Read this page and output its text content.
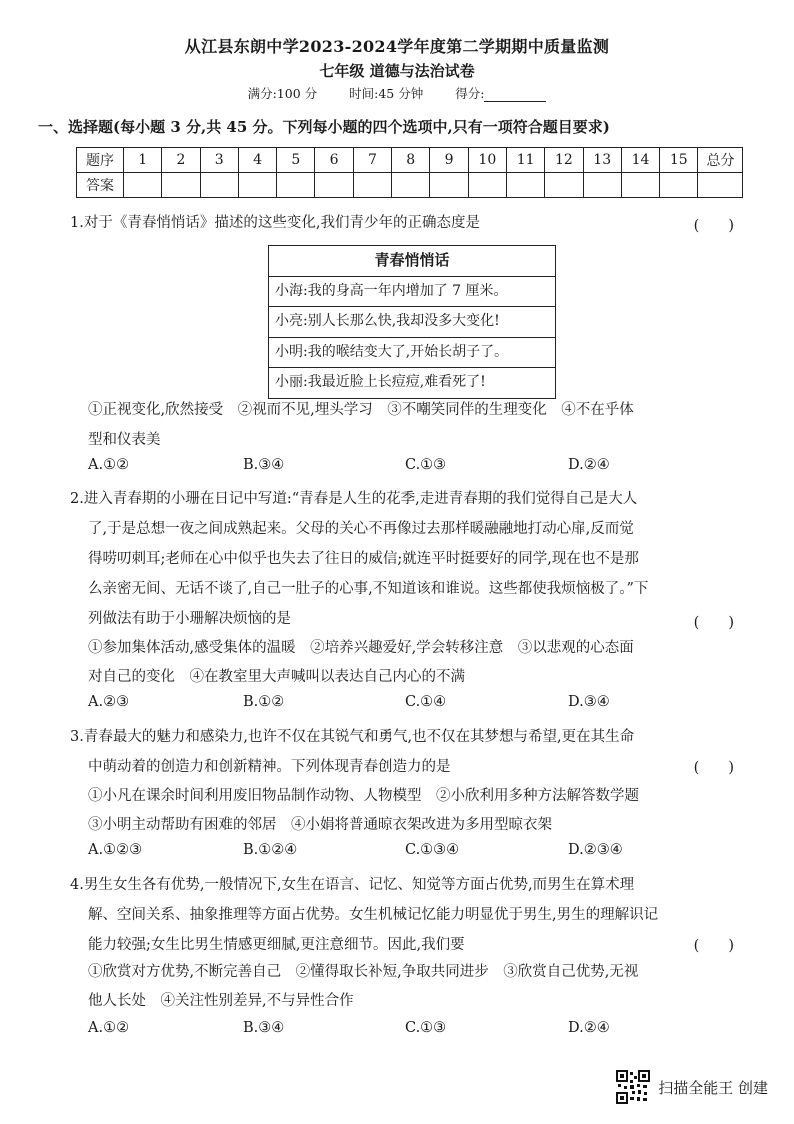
从江县东朗中学2023-2024学年度第二学期期中质量监测
七年级 道德与法治试卷
满分:100 分	时间:45 分钟	得分:
一、选择题(每小题 3 分,共 45 分。下列每小题的四个选项中,只有一项符合题目要求)
题序	1	2	3	4	5	6	7	8	9	10	11	12	13	14	15	总分
答案																
1.对于《青春悄悄话》描述的这些变化,我们青少年的正确态度是	(　　)
青春悄悄话
小海:我的身高一年内增加了 7 厘米。
小亮:别人长那么快,我却没多大变化!
小明:我的喉结变大了,开始长胡子了。
小丽:我最近脸上长痘痘,难看死了!
①正视变化,欣然接受　②视而不见,埋头学习　③不嘲笑同伴的生理变化　④不在乎体
型和仪表美
A.①②	B.③④	C.①③	D.②④
2.进入青春期的小珊在日记中写道:“青春是人生的花季,走进青春期的我们觉得自己是大人
了,于是总想一夜之间成熟起来。父母的关心不再像过去那样暖融融地打动心扉,反而觉
得唠叨刺耳;老师在心中似乎也失去了往日的威信;就连平时挺要好的同学,现在也不是那
么亲密无间、无话不谈了,自己一肚子的心事,不知道该和谁说。这些都使我烦恼极了。”下
列做法有助于小珊解决烦恼的是	(　　)
①参加集体活动,感受集体的温暖　②培养兴趣爱好,学会转移注意　③以悲观的心态面
对自己的变化　④在教室里大声喊叫以表达自己内心的不满
A.②③	B.①②	C.①④	D.③④
3.青春最大的魅力和感染力,也许不仅在其锐气和勇气,也不仅在其梦想与希望,更在其生命
中萌动着的创造力和创新精神。下列体现青春创造力的是	(　　)
①小凡在课余时间利用废旧物品制作动物、人物模型　②小欣利用多种方法解答数学题
③小明主动帮助有困难的邻居　④小娟将普通晾衣架改进为多用型晾衣架
A.①②③	B.①②④	C.①③④	D.②③④
4.男生女生各有优势,一般情况下,女生在语言、记忆、知觉等方面占优势,而男生在算术理
解、空间关系、抽象推理等方面占优势。女生机械记忆能力明显优于男生,男生的理解识记
能力较强;女生比男生情感更细腻,更注意细节。因此,我们要	(　　)
①欣赏对方优势,不断完善自己　②懂得取长补短,争取共同进步　③欣赏自己优势,无视
他人长处　④关注性别差异,不与异性合作
A.①②	B.③④	C.①③	D.②④
扫描全能王 创建
